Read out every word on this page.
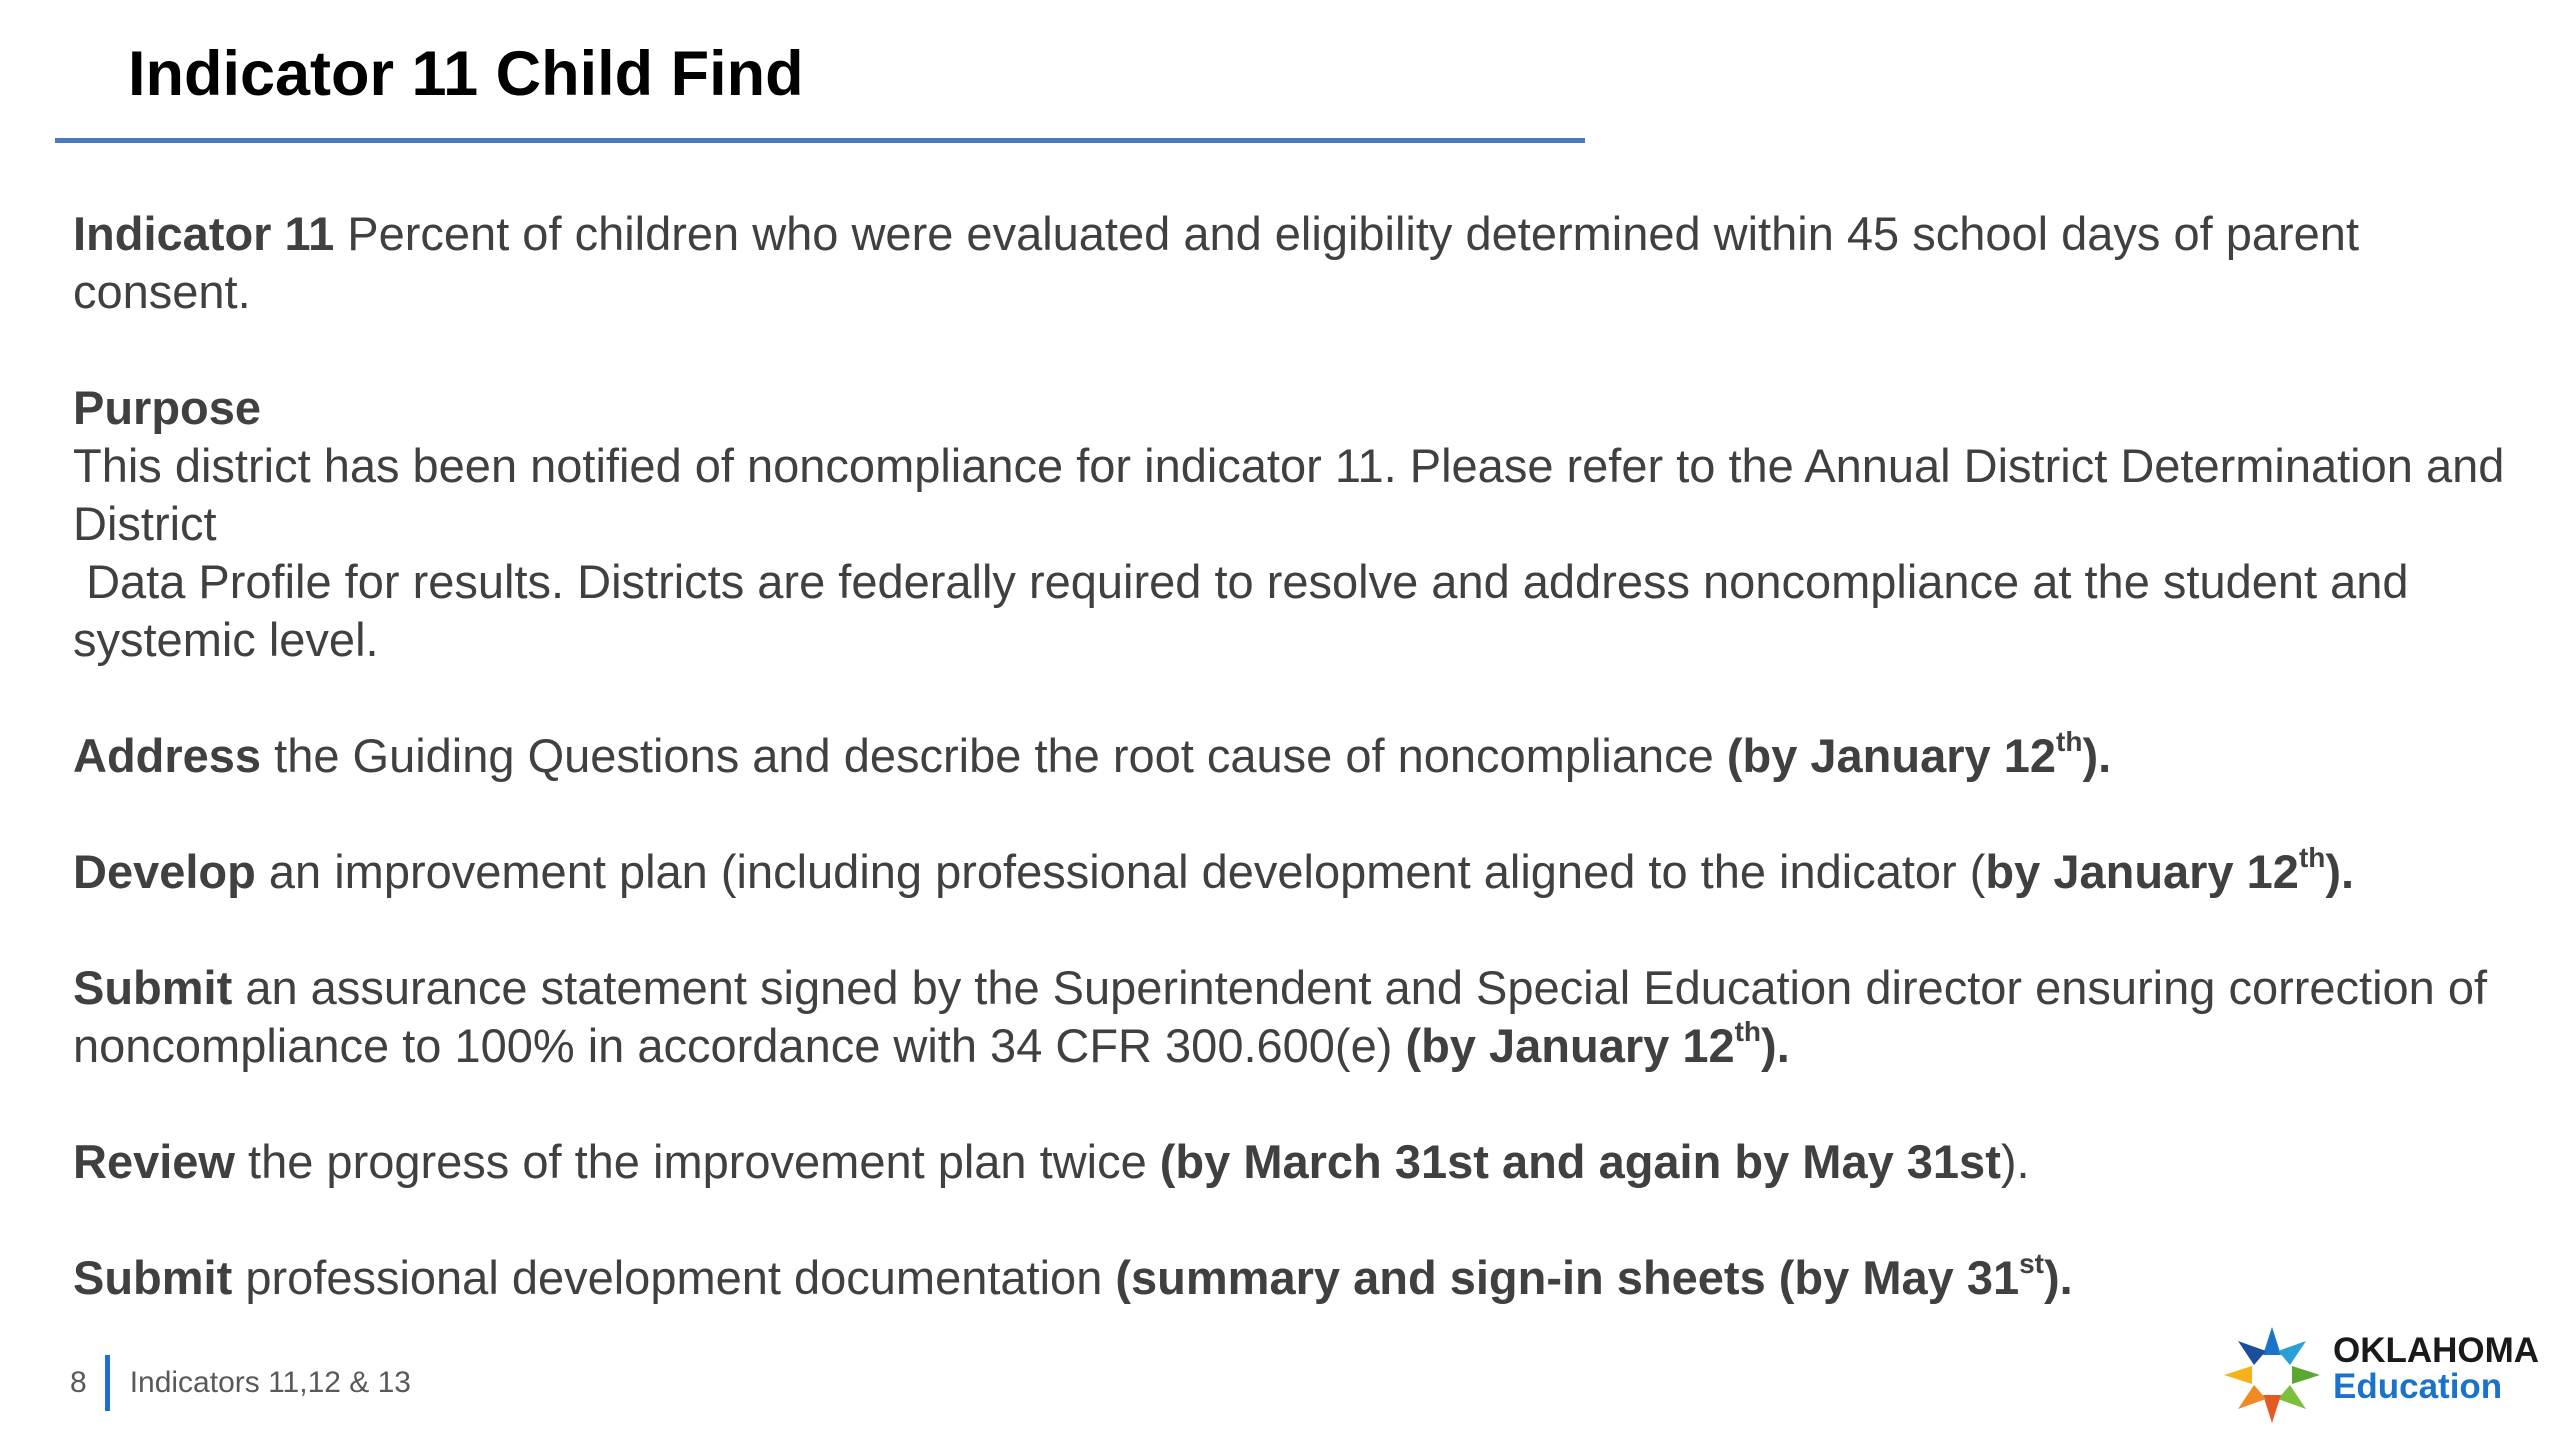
Indicator 11 Child Find

Indicator 11 Percent of children who were evaluated and eligibility determined within 45 school days of parent consent.

Purpose

This district has been notified of noncompliance for indicator 11. Please refer to the Annual District Determination and District

Data Profile for results. Districts are federally required to resolve and address noncompliance at the student and systemic level.

Address the Guiding Questions and describe the root cause of noncompliance (by January 12th).

Develop an improvement plan (including professional development aligned to the indicator (by January 12th).

Submit an assurance statement signed by the Superintendent and Special Education director ensuring correction of noncompliance to 100% in accordance with 34 CFR 300.600(e) (by January 12th).

Review the progress of the improvement plan twice (by March 31st and again by May 31st).

Submit professional development documentation (summary and sign-in sheets (by May 31st).

8 Indicators 11,12 & 13
OKLAHOMA
Education
